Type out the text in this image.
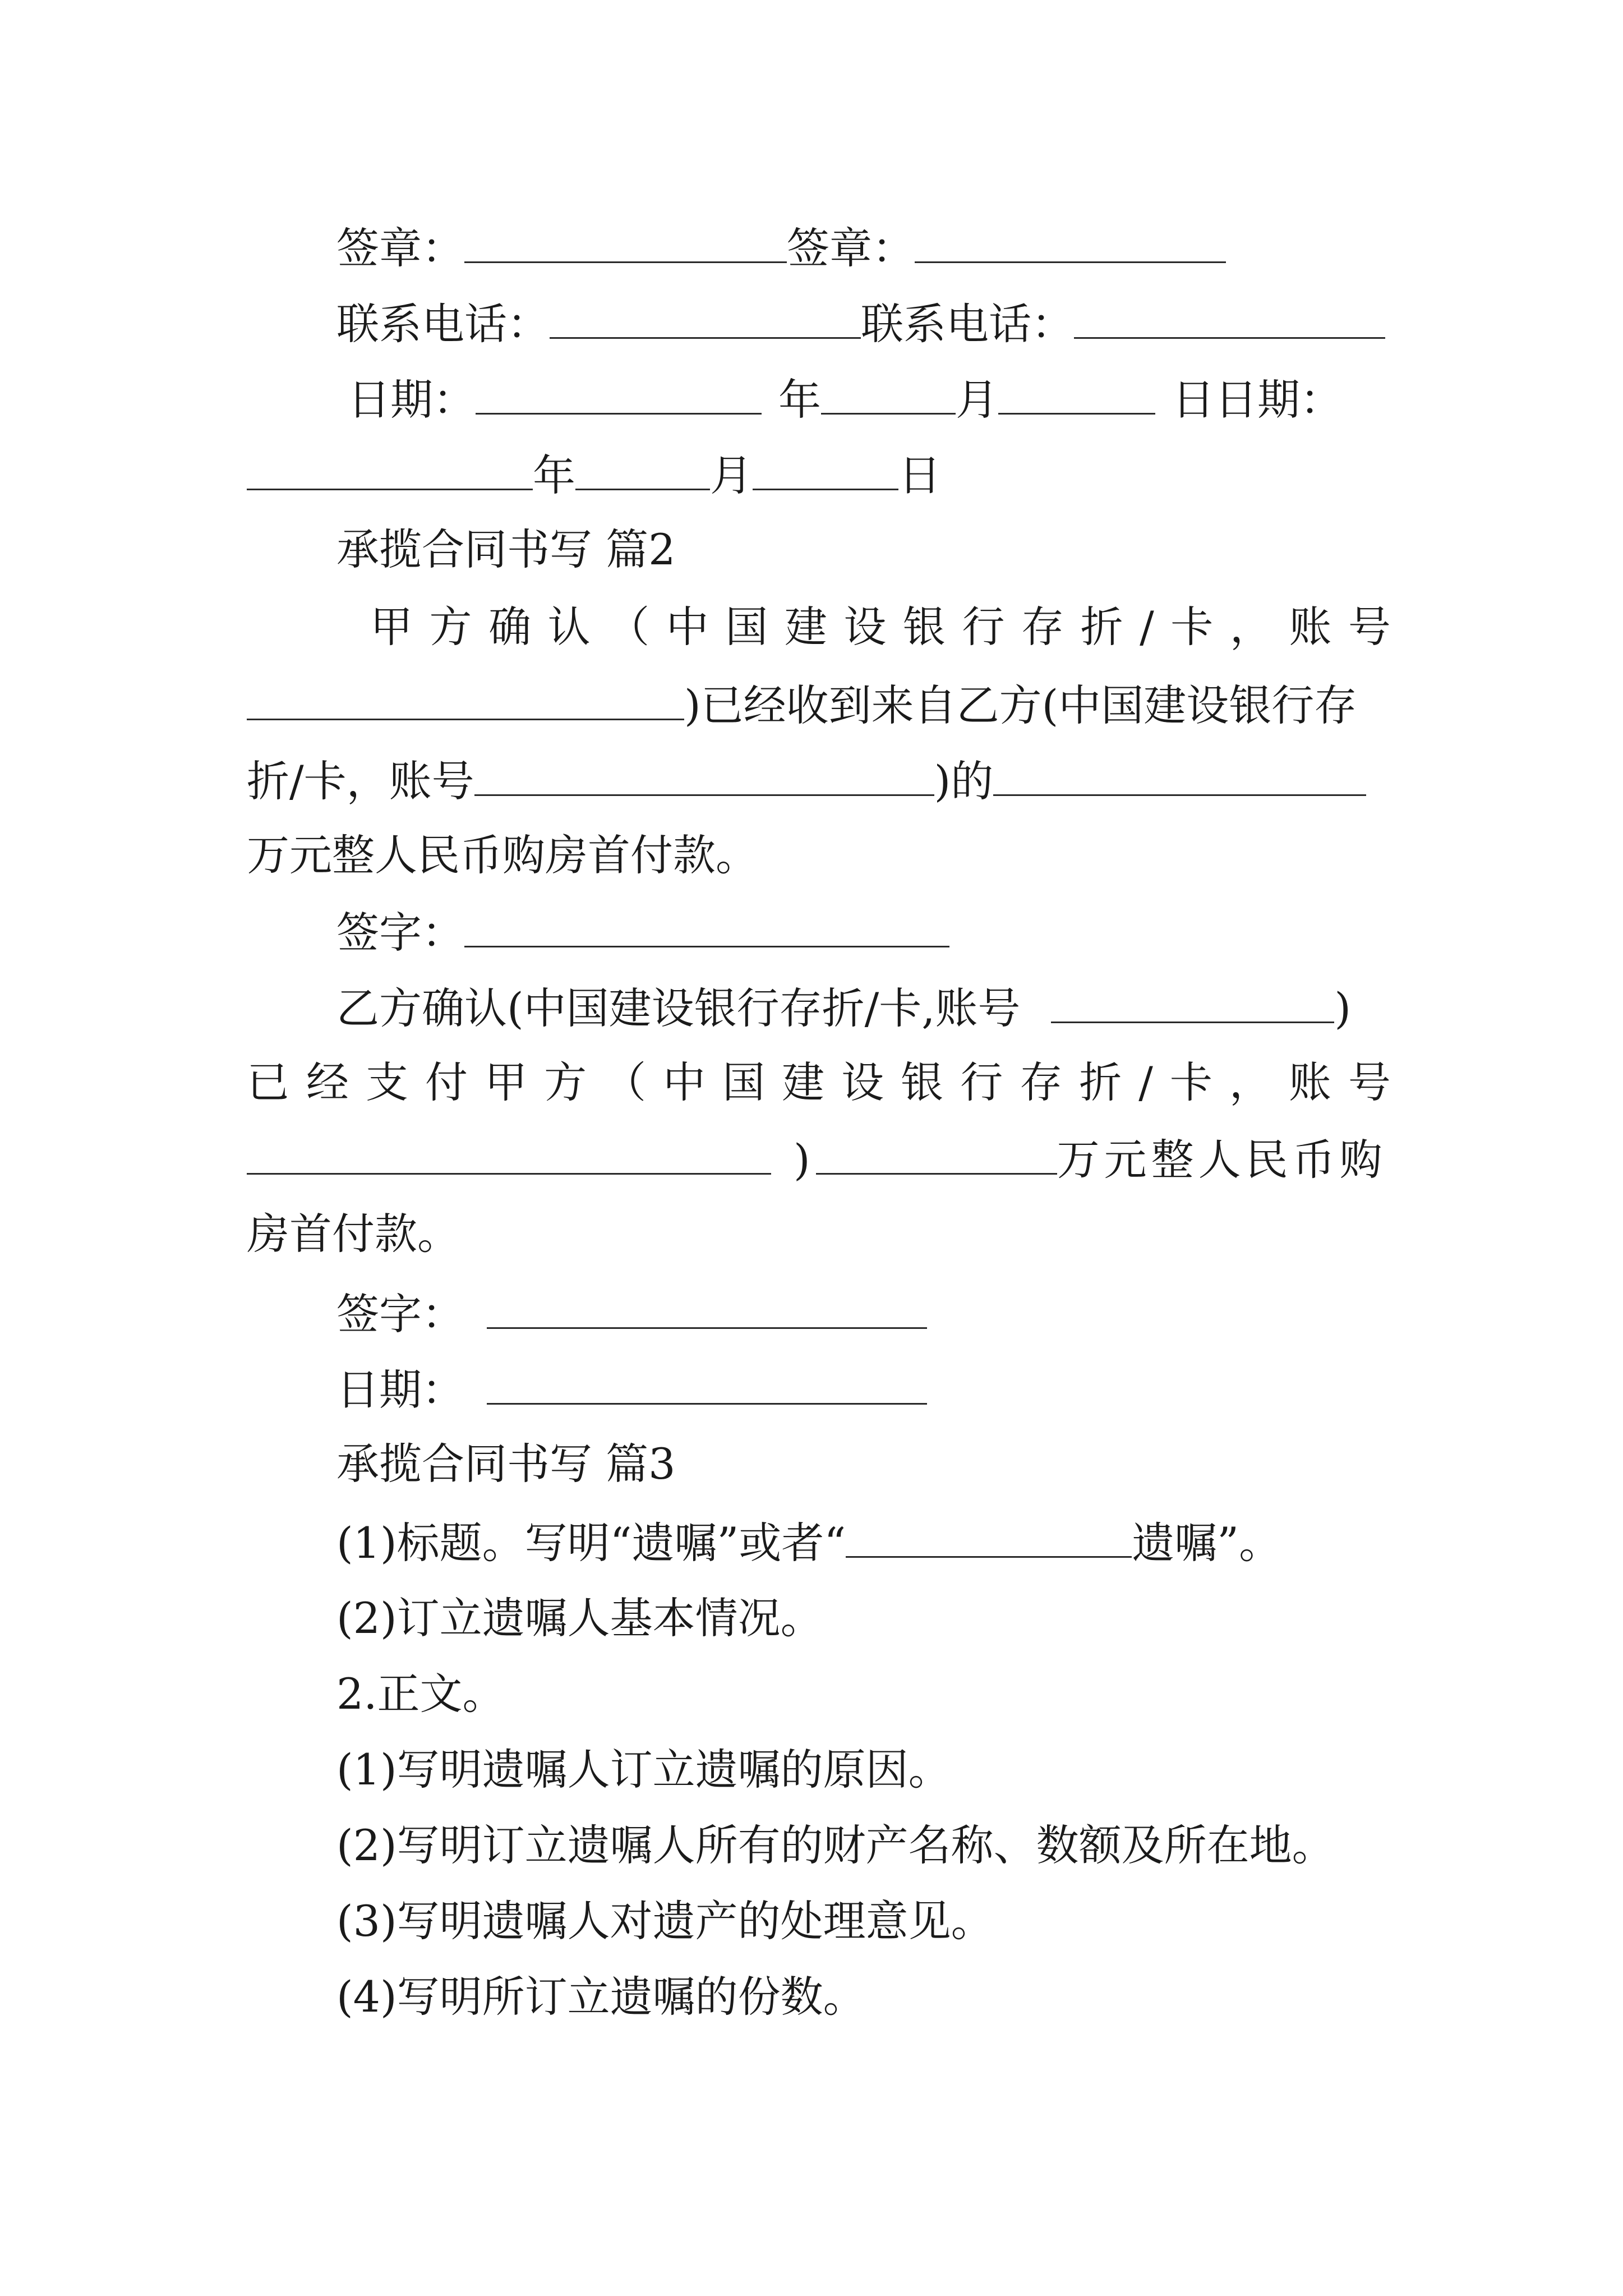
签章：	签章：
联系电话：	联系电话：
日期：	年	月	日日期：
年	月	日
承揽合同书写 篇2
甲 方 确 认 （ 中 国 建 设 银 行 存 折 / 卡 ， 账 号
)已经收到来自乙方(中国建设银行存
折/卡，账号	)的
万元整人民币购房首付款。
签字：
乙方确认(中国建设银行存折/卡,账号	)
已 经 支 付 甲 方 （ 中 国 建 设 银 行 存 折 / 卡 ， 账 号
)	万元整人民币购
房首付款。
签字：
日期：
承揽合同书写 篇3
(1)标题。写明“遗嘱”或者“	遗嘱”。
(2)订立遗嘱人基本情况。
2.正文。
(1)写明遗嘱人订立遗嘱的原因。
(2)写明订立遗嘱人所有的财产名称、数额及所在地。
(3)写明遗嘱人对遗产的处理意见。
(4)写明所订立遗嘱的份数。
